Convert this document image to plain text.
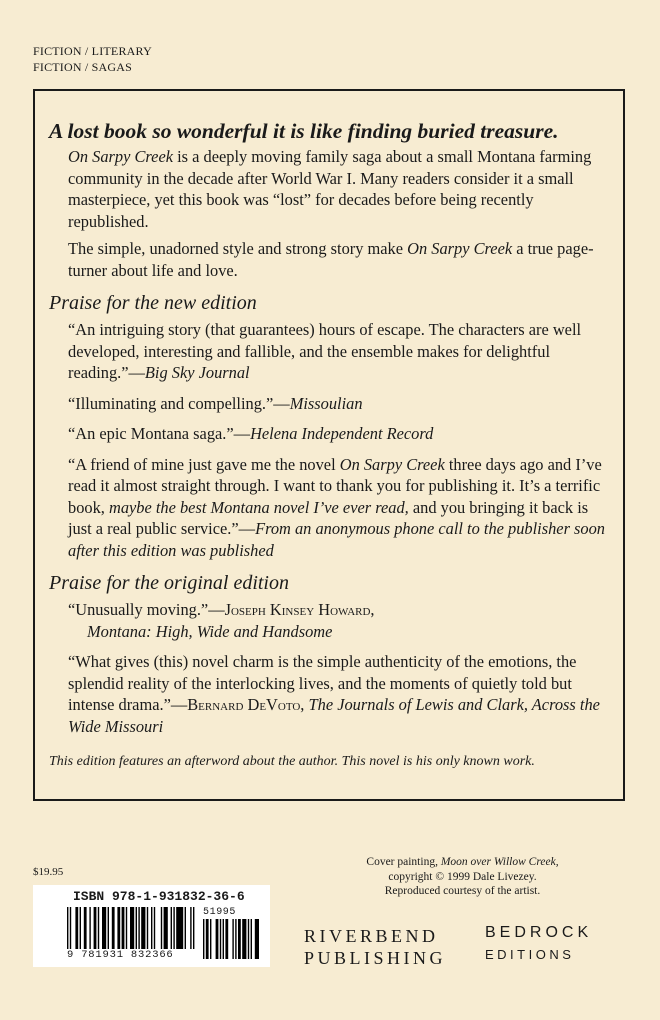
FICTION / LITERARY
FICTION / SAGAS
A lost book so wonderful it is like finding buried treasure.

On Sarpy Creek is a deeply moving family saga about a small Montana farming community in the decade after World War I. Many readers consider it a small masterpiece, yet this book was “lost” for decades before being recently republished.

The simple, unadorned style and strong story make On Sarpy Creek a true page-turner about life and love.

Praise for the new edition

“An intriguing story (that guarantees) hours of escape. The characters are well developed, interesting and fallible, and the ensemble makes for delightful reading.”—Big Sky Journal

“Illuminating and compelling.”—Missoulian

“An epic Montana saga.”—Helena Independent Record

“A friend of mine just gave me the novel On Sarpy Creek three days ago and I’ve read it almost straight through. I want to thank you for publishing it. It’s a terrific book, maybe the best Montana novel I’ve ever read, and you bringing it back is just a real public service.”—From an anonymous phone call to the publisher soon after this edition was published

Praise for the original edition

“Unusually moving.”—Joseph Kinsey Howard,
Montana: High, Wide and Handsome

“What gives (this) novel charm is the simple authenticity of the emotions, the splendid reality of the interlocking lives, and the moments of quietly told but intense drama.”—Bernard DeVoto, The Journals of Lewis and Clark, Across the Wide Missouri

This edition features an afterword about the author. This novel is his only known work.
$19.95
ISBN 978-1-931832-36-6
9 781931 832366
51995
Cover painting, Moon over Willow Creek,
copyright © 1999 Dale Livezey.
Reproduced courtesy of the artist.
RIVERBEND
PUBLISHING
BEDROCK
EDITIONS
